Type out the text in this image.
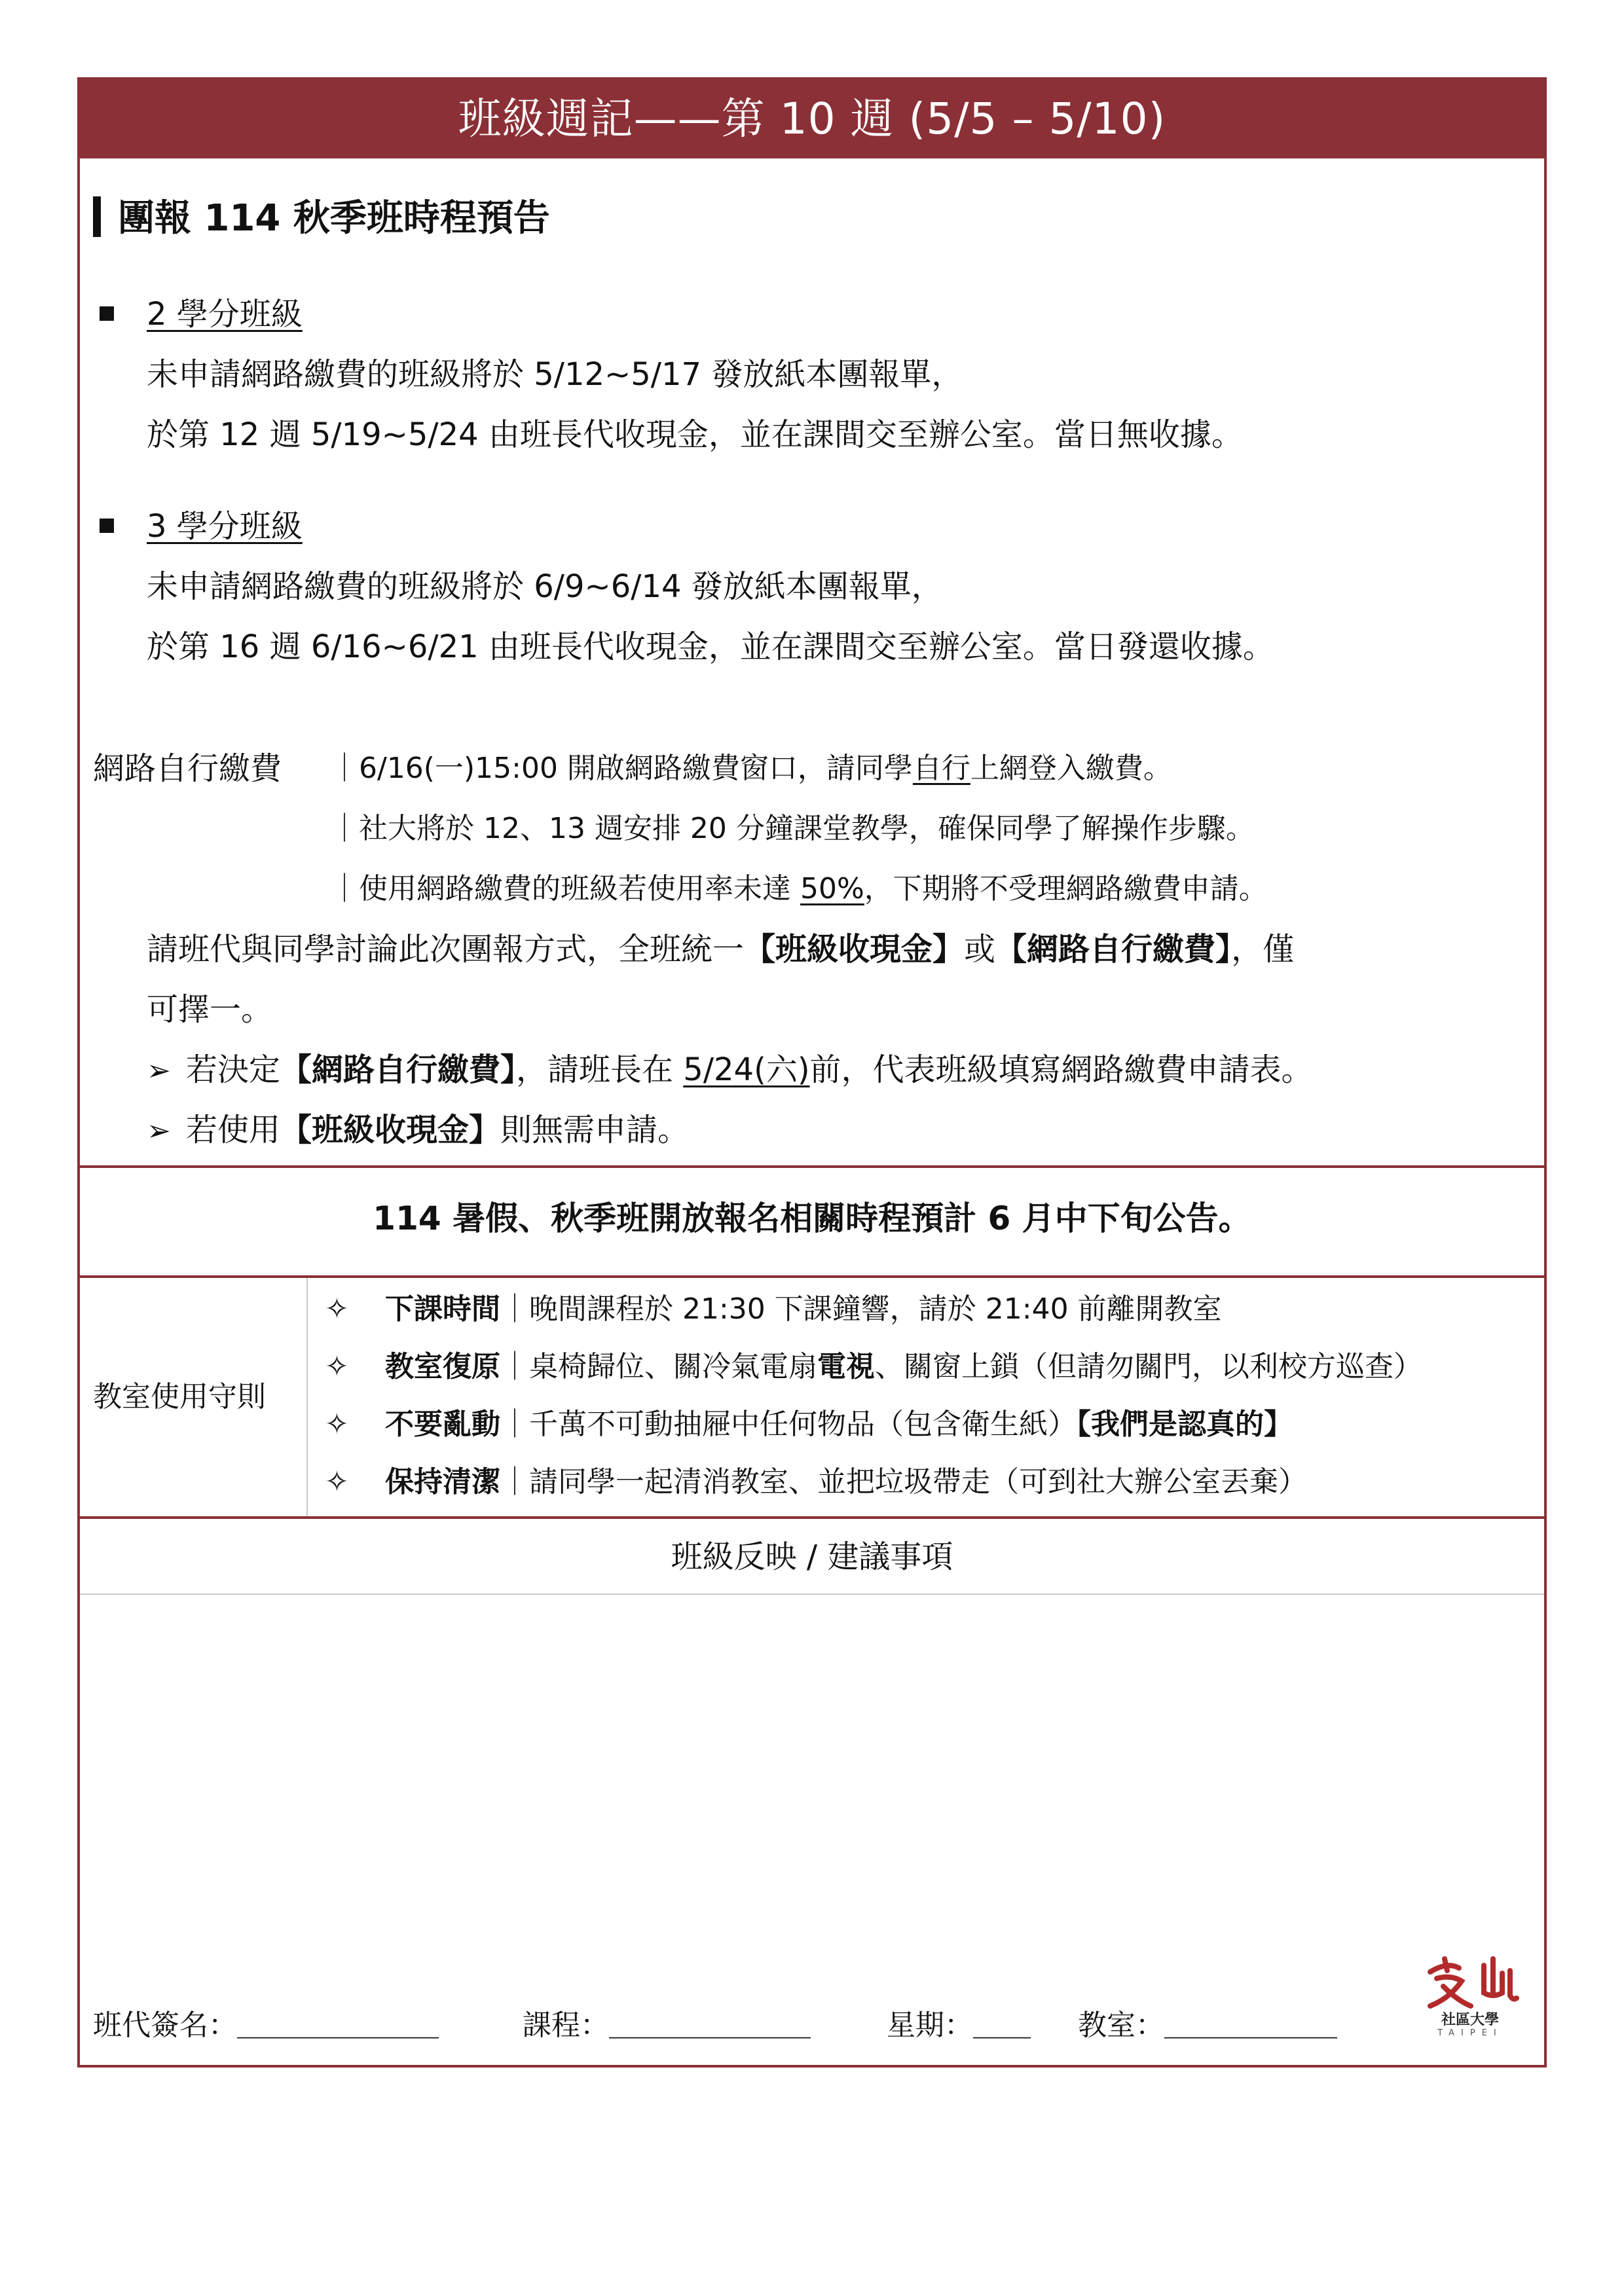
班級週記——第 10 週 (5/5 – 5/10)
團報 114 秋季班時程預告
2 學分班級
未申請網路繳費的班級將於 5/12~5/17 發放紙本團報單，
於第 12 週 5/19~5/24 由班長代收現金，並在課間交至辦公室。當日無收據。
3 學分班級
未申請網路繳費的班級將於 6/9~6/14 發放紙本團報單，
於第 16 週 6/16~6/21 由班長代收現金，並在課間交至辦公室。當日發還收據。
網路自行繳費 ｜6/16(一)15:00 開啟網路繳費窗口，請同學自行上網登入繳費。
｜社大將於 12、13 週安排 20 分鐘課堂教學，確保同學了解操作步驟。
｜使用網路繳費的班級若使用率未達 50%，下期將不受理網路繳費申請。
請班代與同學討論此次團報方式，全班統一【班級收現金】或【網路自行繳費】，僅
可擇一。
➢ 若決定【網路自行繳費】，請班長在 5/24(六)前，代表班級填寫網路繳費申請表。
➢ 若使用【班級收現金】則無需申請。
114 暑假、秋季班開放報名相關時程預計 6 月中下旬公告。
教室使用守則
✧ 下課時間｜晚間課程於 21:30 下課鐘響，請於 21:40 前離開教室
✧ 教室復原｜桌椅歸位、關冷氣電扇電視、關窗上鎖（但請勿關門，以利校方巡查）
✧ 不要亂動｜千萬不可動抽屜中任何物品（包含衛生紙）【我們是認真的】
✧ 保持清潔｜請同學一起清消教室、並把垃圾帶走（可到社大辦公室丟棄）
班級反映 / 建議事項
班代簽名：＿＿＿＿＿＿＿	課程：＿＿＿＿＿＿＿	星期：＿＿ 教室：＿＿＿＿＿＿	社區大學
TAIPEI
